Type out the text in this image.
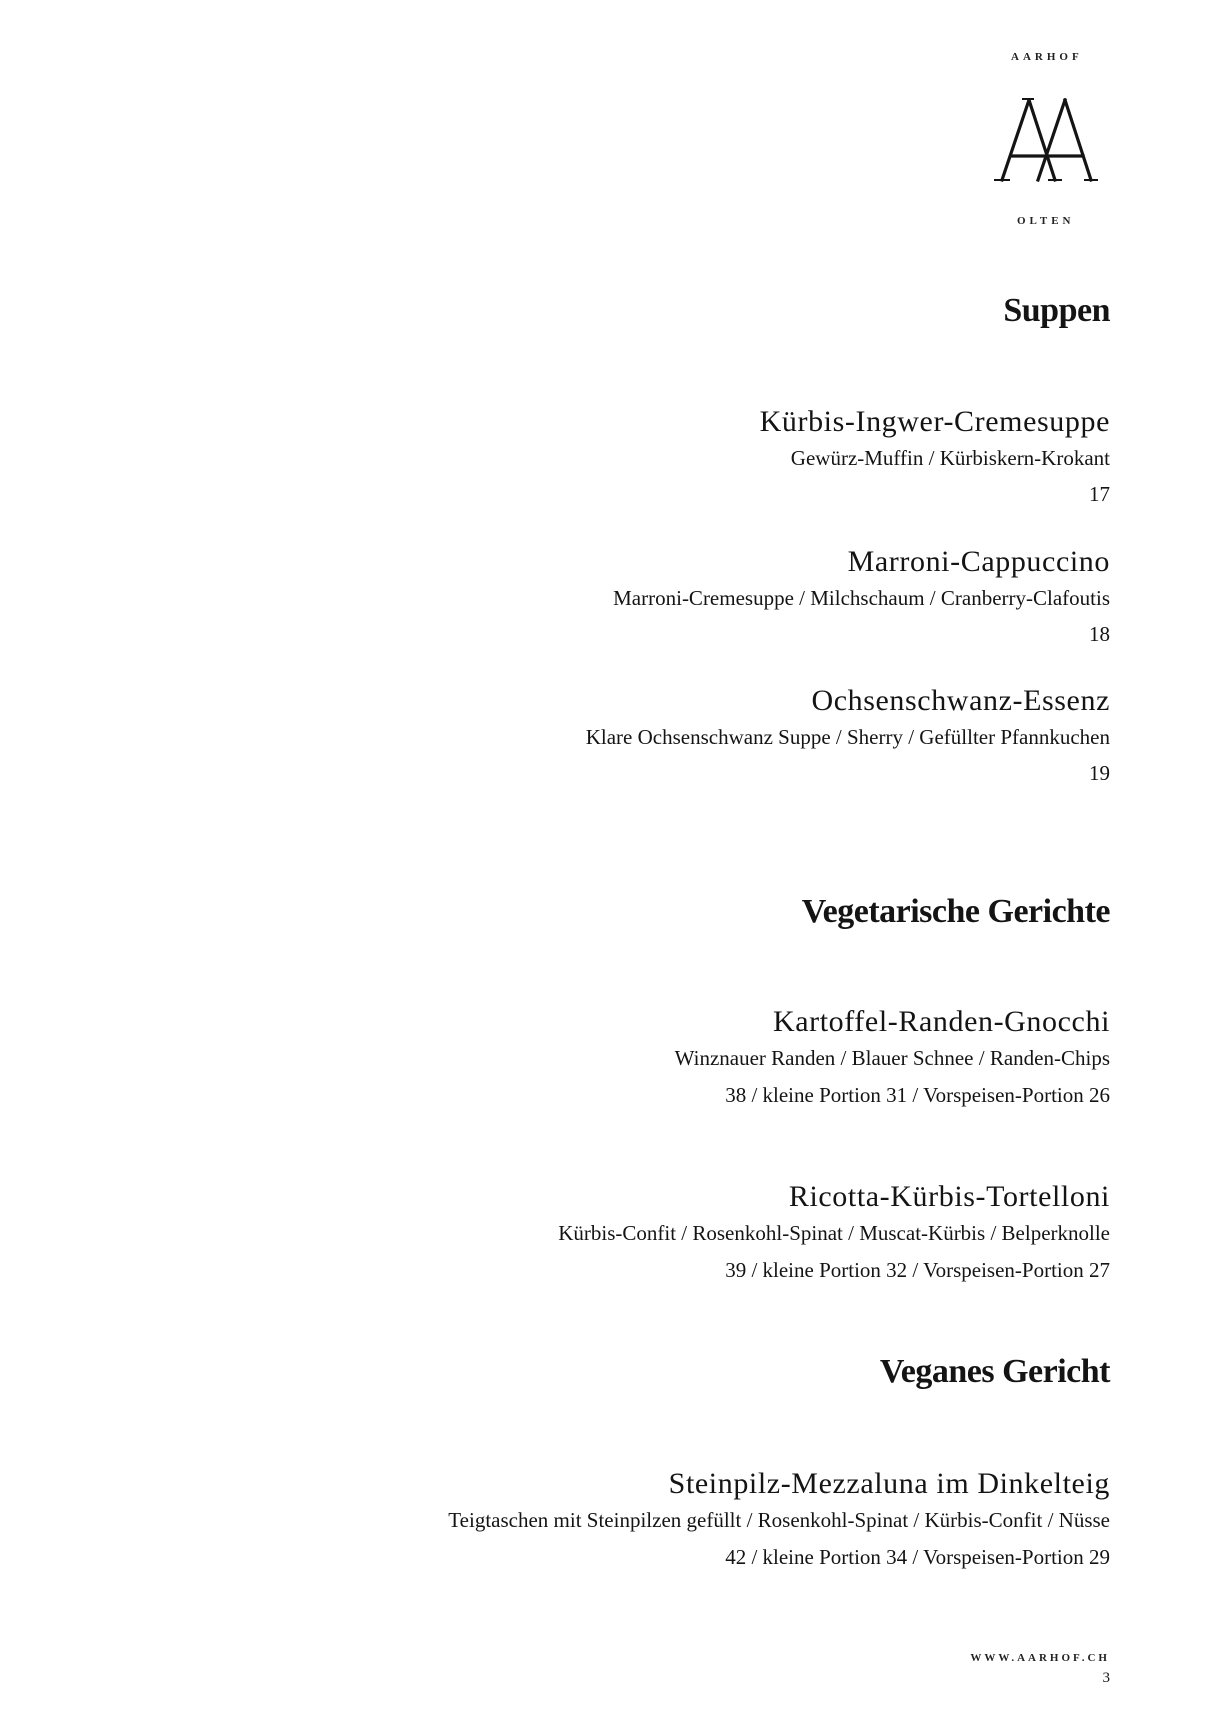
AARHOF
OLTEN
Suppen
Kürbis-Ingwer-Cremesuppe
Gewürz-Muffin / Kürbiskern-Krokant
17
Marroni-Cappuccino
Marroni-Cremesuppe / Milchschaum / Cranberry-Clafoutis
18
Ochsenschwanz-Essenz
Klare Ochsenschwanz Suppe / Sherry / Gefüllter Pfannkuchen
19
Vegetarische Gerichte
Kartoffel-Randen-Gnocchi
Winznauer Randen / Blauer Schnee / Randen-Chips
38 / kleine Portion 31 / Vorspeisen-Portion 26
Ricotta-Kürbis-Tortelloni
Kürbis-Confit / Rosenkohl-Spinat / Muscat-Kürbis / Belperknolle
39 / kleine Portion 32 / Vorspeisen-Portion 27
Veganes Gericht
Steinpilz-Mezzaluna im Dinkelteig
Teigtaschen mit Steinpilzen gefüllt / Rosenkohl-Spinat / Kürbis-Confit / Nüsse
42 / kleine Portion 34 / Vorspeisen-Portion 29
WWW.AARHOF.CH
3
